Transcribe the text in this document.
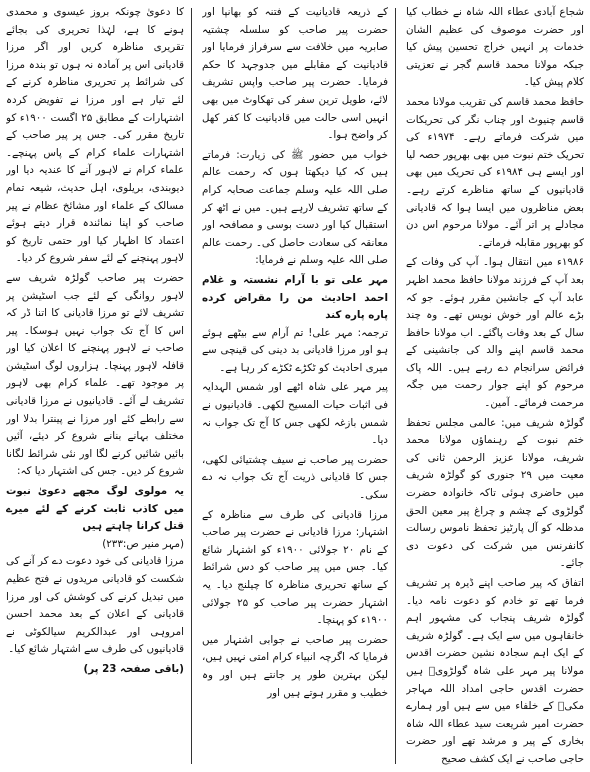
شجاع آبادی عطاء اللہ شاہ نے خطاب کیا اور حضرت موصوف کی عظیم الشان خدمات پر انہیں خراج تحسین پیش کیا جبکہ مولانا محمد قاسم گجر نے تعزیتی کلام پیش کیا۔

حافظ محمد قاسم کی تقریب مولانا محمد قاسم چنیوٹ اور چناب نگر کی تحریکات میں شرکت فرماتے رہے۔ ۱۹۷۴ء کی تحریک ختم نبوت میں بھی بھرپور حصہ لیا اور ایسے ہی ۱۹۸۴ء کی تحریک میں بھی قادیانیوں کے ساتھ مناظرے کرتے رہے۔ بعض مناظروں میں ایسا ہوا کہ قادیانی مجادلے پر اتر آئے۔ مولانا مرحوم اس دن کو بھرپور مقابلہ فرماتے۔

۱۹۸۶ء میں انتقال ہوا۔ آپ کی وفات کے بعد آپ کے فرزند مولانا حافظ محمد اظہر عابد آپ کے جانشین مقرر ہوئے۔ جو کہ بڑے عالم اور خوش نویس تھے۔ وہ چند سال کے بعد وفات پاگئے۔ اب مولانا حافظ محمد قاسم اپنے والد کی جانشینی کے فرائض سرانجام دے رہے ہیں۔ اللہ پاک مرحوم کو اپنے جوار رحمت میں جگہ مرحمت فرمائے۔ آمین۔

گولڑہ شریف میں: عالمی مجلس تحفظ ختم نبوت کے رہنماؤں مولانا محمد شریف، مولانا عزیز الرحمن ثانی کی معیت میں ۲۹ جنوری کو گولڑہ شریف میں حاضری ہوئی تاکہ خانوادہ حضرت گولڑوی کے چشم و چراغ پیر معین الحق مدظلہ کو آل پارٹیز تحفظ ناموس رسالت کانفرنس میں شرکت کی دعوت دی جائے۔

اتفاق کہ پیر صاحب اپنے ڈیرہ پر تشریف فرما تھے تو خادم کو دعوت نامہ دیا۔ گولڑہ شریف پنجاب کی مشہور اہم خانقاہوں میں سے ایک ہے۔ گولڑہ شریف کے ایک اہم سجادہ نشین حضرت اقدس مولانا پیر مہر علی شاہ گولڑویؒ ہیں حضرت اقدس حاجی امداد اللہ مہاجر مکیؒ کے خلفاء میں سے ہیں اور ہمارے حضرت امیر شریعت سید عطاء اللہ شاہ بخاری کے پیر و مرشد تھے اور حضرت حاجی صاحب نے ایک کشف صحیح

کے ذریعہ قادیانیت کے فتنہ کو بھانپا اور حضرت پیر صاحب کو سلسلہ چشتیہ صابریہ میں خلافت سے سرفراز فرمایا اور قادیانیت کے مقابلے میں جدوجہد کا حکم فرمایا۔ حضرت پیر صاحب واپس تشریف لائے، طویل ترین سفر کی تھکاوٹ میں بھی انہیں اسی حالت میں قادیانیت کا کفر کھل کر واضح ہوا۔

خواب میں حضور ﷺ کی زیارت: فرماتے ہیں کہ کیا دیکھتا ہوں کہ رحمت عالم صلی اللہ علیہ وسلم جماعت صحابہ کرام کے ساتھ تشریف لارہے ہیں۔ میں نے اٹھ کر استقبال کیا اور دست بوسی و مصافحہ اور معانقہ کی سعادت حاصل کی۔ رحمت عالم صلی اللہ علیہ وسلم نے فرمایا:

مہر علی تو با آرام نشستہ و غلام احمد احادیث من را مقراض کرده پاره پاره کند

ترجمہ: مہر علی! تم آرام سے بیٹھے ہوئے ہو اور مرزا قادیانی بد دینی کی قینچی سے میری احادیث کو ٹکڑے ٹکڑے کر رہا ہے۔

پیر مہر علی شاہ اٹھے اور شمس الہدایہ فی اثبات حیات المسیح لکھی۔ قادیانیوں نے شمس بازغہ لکھی جس کا آج تک جواب نہ دیا۔

حضرت پیر صاحب نے سیف چشتیائی لکھی، جس کا قادیانی ذریت آج تک جواب نہ دے سکی۔

مرزا قادیانی کی طرف سے مناظرہ کے اشتہار: مرزا قادیانی نے حضرت پیر صاحب کے نام ۲۰ جولائی ۱۹۰۰ء کو اشتہار شائع کیا۔ جس میں پیر صاحب کو دس شرائط کے ساتھ تحریری مناظرہ کا چیلنج دیا۔ یہ اشتہار حضرت پیر صاحب کو ۲۵ جولائی ۱۹۰۰ء کو پہنچا۔

حضرت پیر صاحب نے جوابی اشتہار میں فرمایا کہ اگرچہ انبیاء کرام امتی نہیں ہیں، لیکن بہترین طور پر جانتے ہیں اور وہ خطیب و مقرر ہوتے ہیں اور

کا دعویٰ چونکہ بروز عیسوی و محمدی ہونے کا ہے، لہٰذا تحریری کی بجائے تقریری مناظرہ کریں اور اگر مرزا قادیانی اس پر آمادہ نہ ہوں تو بندہ مرزا کی شرائط پر تحریری مناظرہ کرنے کے لئے تیار ہے اور مرزا نے تفویض کردہ اشتہارات کے مطابق ۲۵ اگست ۱۹۰۰ء کو تاریخ مقرر کی۔ جس پر پیر صاحب کے اشتہارات علماء کرام کے پاس پہنچے۔ علماء کرام نے لاہور آنے کا عندیہ دیا اور دیوبندی، بریلوی، اہل حدیث، شیعہ تمام مسالک کے علماء اور مشائخ عظام نے پیر صاحب کو اپنا نمائندہ قرار دیتے ہوئے اعتماد کا اظہار کیا اور حتمی تاریخ کو لاہور پہنچنے کے لئے سفر شروع کر دیا۔

حضرت پیر صاحب گولڑہ شریف سے لاہور روانگی کے لئے جب اسٹیشن پر تشریف لائے تو مرزا قادیانی کا اتنا ڈر کہ اس کا آج تک جواب نہیں ہوسکا۔ پیر صاحب نے لاہور پہنچنے کا اعلان کیا اور قافلہ لاہور پہنچا۔ ہزاروں لوگ اسٹیشن پر موجود تھے۔ علماء کرام بھی لاہور تشریف لے آئے۔ قادیانیوں نے مرزا قادیانی سے رابطے کئے اور مرزا نے پینترا بدلا اور مختلف بہانے بنانے شروع کر دیئے، آئیں بائیں شائیں کرنے لگا اور نئی شرائط لگانا شروع کر دیں۔ جس کی اشتہار دیا کہ:

یہ مولوی لوگ مجھے دعویٰ نبوت میں کاذب ثابت کرنے کے لئے میرے قتل کرانا چاہتے ہیں

(مہر منیر ص:۲۳۳)

مرزا قادیانی کی خود دعوت دے کر آنے کی شکست کو قادیانی مریدوں نے فتح عظیم میں تبدیل کرنے کی کوشش کی اور مرزا قادیانی کے اعلان کے بعد محمد احسن امروہی اور عبدالکریم سیالکوٹی نے قادیانیوں کی طرف سے اشتہار شائع کیا۔

(باقی صفحہ 23 پر)
